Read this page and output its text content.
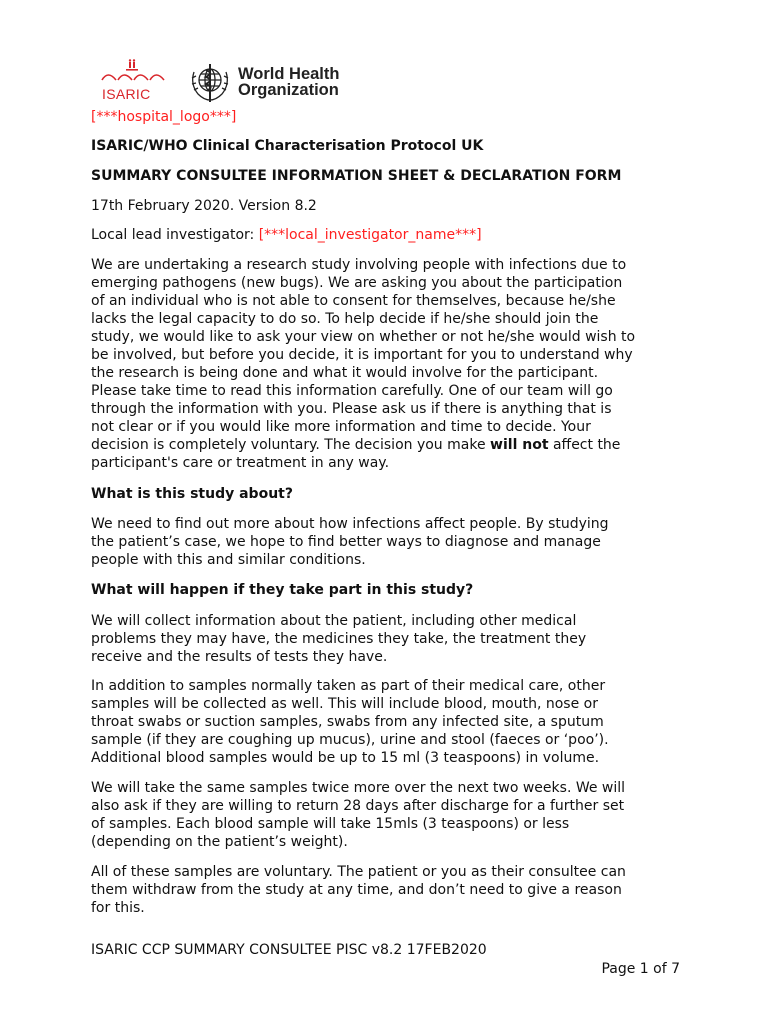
ISARIC
World Health
Organization
[***hospital_logo***]
ISARIC/WHO Clinical Characterisation Protocol UK
SUMMARY CONSULTEE INFORMATION SHEET & DECLARATION FORM
17th February 2020. Version 8.2
Local lead investigator: [***local_investigator_name***]
We are undertaking a research study involving people with infections due to
emerging pathogens (new bugs). We are asking you about the participation
of an individual who is not able to consent for themselves, because he/she
lacks the legal capacity to do so. To help decide if he/she should join the
study, we would like to ask your view on whether or not he/she would wish to
be involved, but before you decide, it is important for you to understand why
the research is being done and what it would involve for the participant.
Please take time to read this information carefully. One of our team will go
through the information with you. Please ask us if there is anything that is
not clear or if you would like more information and time to decide. Your
decision is completely voluntary. The decision you make will not affect the
participant's care or treatment in any way.
What is this study about?
We need to find out more about how infections affect people. By studying
the patient’s case, we hope to find better ways to diagnose and manage
people with this and similar conditions.
What will happen if they take part in this study?
We will collect information about the patient, including other medical
problems they may have, the medicines they take, the treatment they
receive and the results of tests they have.
In addition to samples normally taken as part of their medical care, other
samples will be collected as well. This will include blood, mouth, nose or
throat swabs or suction samples, swabs from any infected site, a sputum
sample (if they are coughing up mucus), urine and stool (faeces or ‘poo’).
Additional blood samples would be up to 15 ml (3 teaspoons) in volume.
We will take the same samples twice more over the next two weeks. We will
also ask if they are willing to return 28 days after discharge for a further set
of samples. Each blood sample will take 15mls (3 teaspoons) or less
(depending on the patient’s weight).
All of these samples are voluntary. The patient or you as their consultee can
them withdraw from the study at any time, and don’t need to give a reason
for this.
ISARIC CCP SUMMARY CONSULTEE PISC v8.2 17FEB2020
Page 1 of 7
